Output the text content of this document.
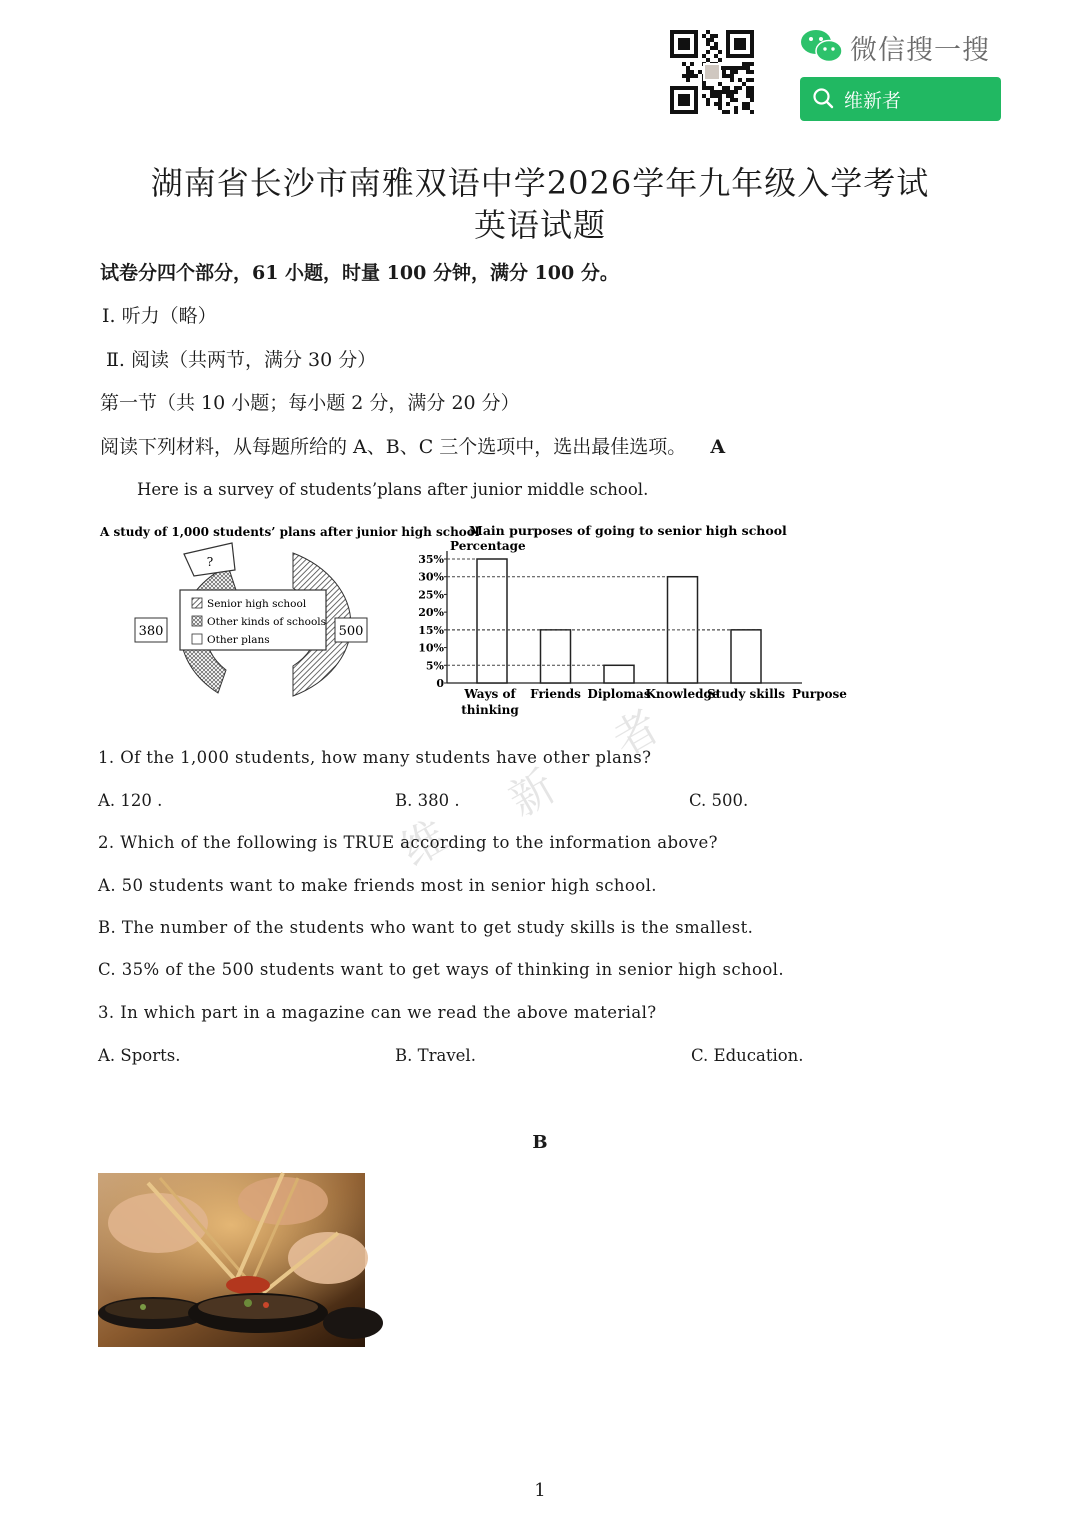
微信搜一搜
维新者
湖南省长沙市南雅双语中学2026学年九年级入学考试
英语试题
试卷分四个部分，61 小题，时量 100 分钟，满分 100 分。
Ⅰ. 听力（略）
Ⅱ. 阅读（共两节，满分 30 分）
第一节（共 10 小题；每小题 2 分，满分 20 分）
阅读下列材料，从每题所给的 A、B、C 三个选项中，选出最佳选项。 A
Here is a survey of students’plans after junior middle school.
A study of 1,000 students’ plans after junior high school
?
380	500
Senior high school
Other kinds of schools
Other plans
Main purposes of going to senior high school
Percentage
Purpose
0
5%
10%
15%
20%
25%
30%
35%
Ways of
thinking
Friends Diplomas
Knowledge
Study skills
维
新
者
1. Of the 1,000 students, how many students have other plans?
A. 120 .	B. 380 .	C. 500.
2. Which of the following is TRUE according to the information above?
A. 50 students want to make friends most in senior high school.
B. The number of the students who want to get study skills is the smallest.
C. 35% of the 500 students want to get ways of thinking in senior high school.
3. In which part in a magazine can we read the above material?
A. Sports.	B. Travel.	C. Education.
B
1
